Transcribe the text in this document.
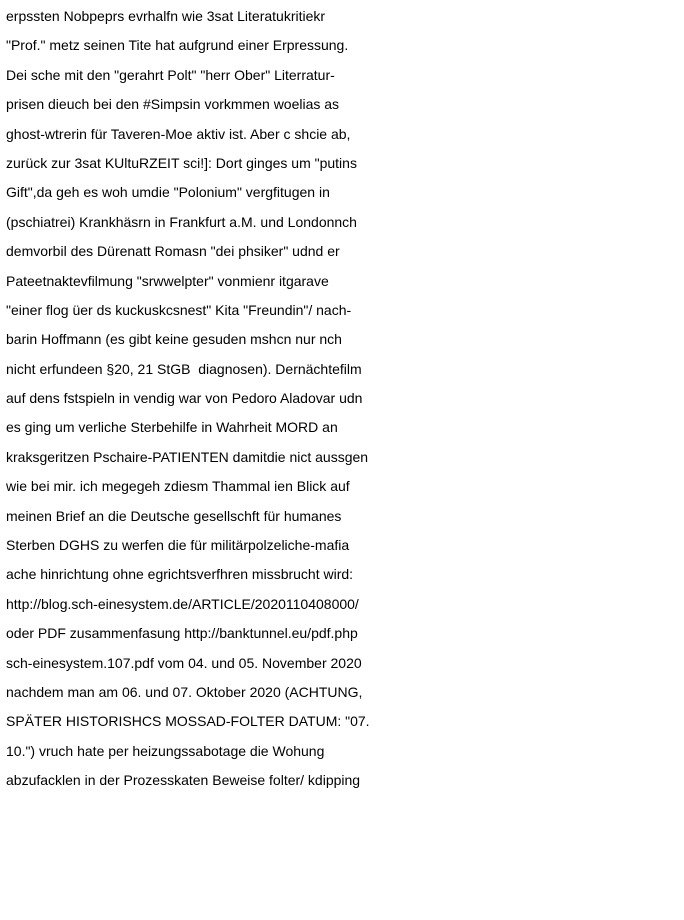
erpssten Nobpeprs evrhalfn wie 3sat Literatukritiekr
"Prof." metz seinen Tite hat aufgrund einer Erpressung.
Dei sche mit den "gerahrt Polt" "herr Ober" Literratur-
prisen dieuch bei den #Simpsin vorkmmen woelias as
ghost-wtrerin für Taveren-Moe aktiv ist. Aber c shcie ab,
zurück zur 3sat KUltuRZEIT sci!]: Dort ginges um "putins
Gift",da geh es woh umdie "Polonium" vergfitugen in
(pschiatrei) Krankhäsrn in Frankfurt a.M. und Londonnch
demvorbil des Dürenatt Romasn "dei phsiker" udnd er
Pateetnaktevfilmung "srwwelpter" vonmienr itgarave
"einer flog üer ds kuckuskcsnest" Kita "Freundin"/ nach-
barin Hoffmann (es gibt keine gesuden mshcn nur nch
nicht erfundeen §20, 21 StGB  diagnosen). Dernächtefilm
auf dens fstspieln in vendig war von Pedoro Aladovar udn
es ging um verliche Sterbehilfe in Wahrheit MORD an
kraksgeritzen Pschaire-PATIENTEN damitdie nict aussgen
wie bei mir. ich megegeh zdiesm Thammal ien Blick auf
meinen Brief an die Deutsche gesellschft für humanes
Sterben DGHS zu werfen die für militärpolzeliche-mafia
ache hinrichtung ohne egrichtsverfhren missbrucht wird:
http://blog.sch-einesystem.de/ARTICLE/2020110408000/
oder PDF zusammenfasung http://banktunnel.eu/pdf.php
sch-einesystem.107.pdf vom 04. und 05. November 2020
nachdem man am 06. und 07. Oktober 2020 (ACHTUNG,
SPÄTER HISTORISHCS MOSSAD-FOLTER DATUM: "07.
10.") vruch hate per heizungssabotage die Wohung
abzufacklen in der Prozesskaten Beweise folter/ kdipping
